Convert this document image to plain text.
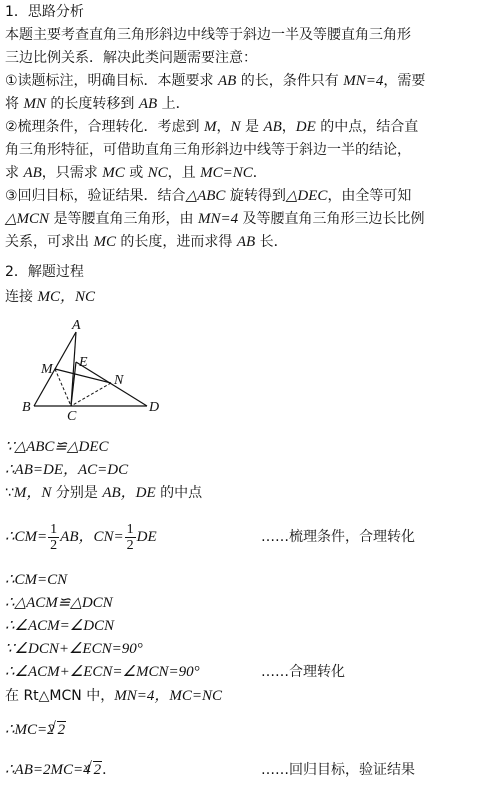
1．思路分析
本题主要考查直角三角形斜边中线等于斜边一半及等腰直角三角形
三边比例关系．解决此类问题需要注意：
①读题标注，明确目标．本题要求 AB 的长，条件只有 MN=4，需要
将 MN 的长度转移到 AB 上．
②梳理条件，合理转化．考虑到 M，N 是 AB，DE 的中点，结合直
角三角形特征，可借助直角三角形斜边中线等于斜边一半的结论，
求 AB，只需求 MC 或 NC，且 MC=NC．
③回归目标，验证结果．结合△ABC 旋转得到△DEC，由全等可知
△MCN 是等腰直角三角形，由 MN=4 及等腰直角三角形三边长比例
关系，可求出 MC 的长度，进而求得 AB 长．
2．解题过程
连接 MC，NC
∵△ABC≌△DEC
∴AB=DE，AC=DC
∵M，N 分别是 AB，DE 的中点
∴CM= $\frac{1}{2}$ AB，$CN= \frac{1}{2}$ DE	……梳理条件，合理转化
∴CM=CN
∴△ACM≌△DCN
∴∠ACM=∠DCN
∵∠DCN+∠ECN=90°
∴∠ACM+∠ECN=∠MCN=90°	……合理转化
在 Rt△MCN 中，MN=4，MC=NC
∴MC=2 √ 2
∴AB=2MC=4 √ 2．	……回归目标，验证结果
A
M E
N
B
C
D
